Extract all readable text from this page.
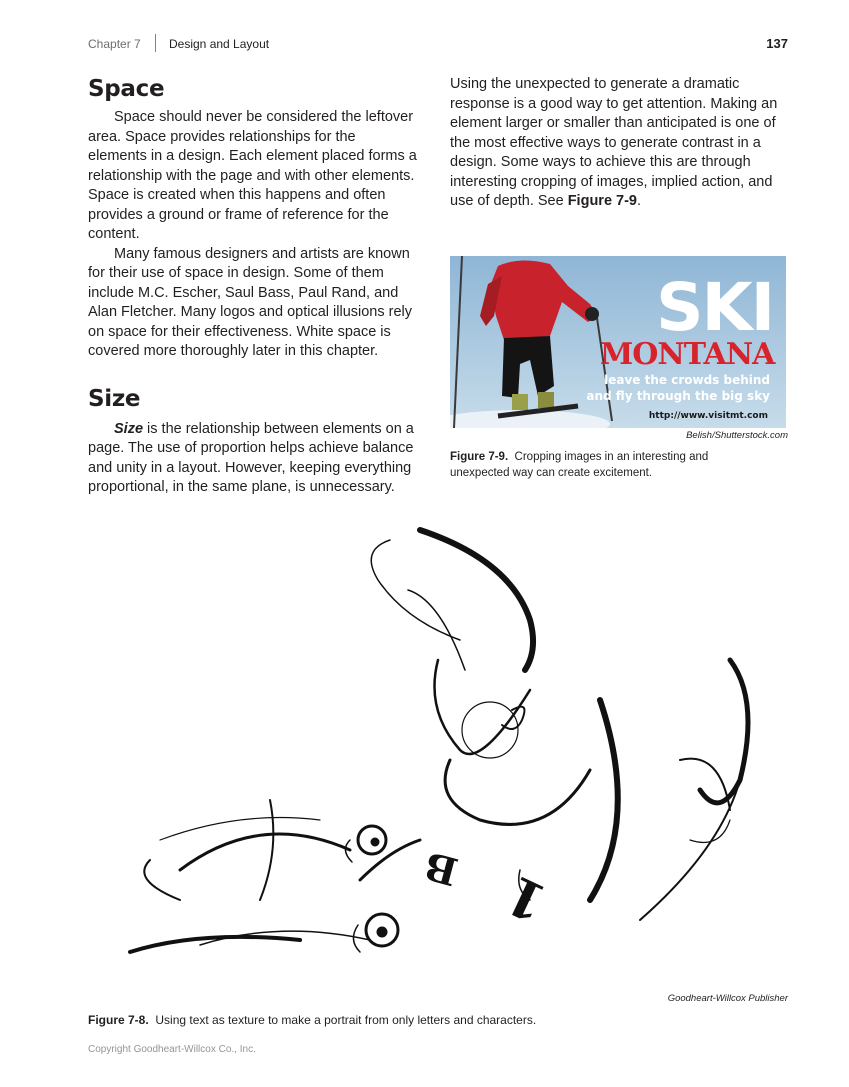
Chapter 7 Design and Layout	137
Space

Space should never be considered the leftover area. Space provides relationships for the elements in a design. Each element placed forms a relationship with the page and with other elements. Space is created when this happens and often provides a ground or frame of reference for the content.

Many famous designers and artists are known for their use of space in design. Some of them include M.C. Escher, Saul Bass, Paul Rand, and Alan Fletcher. Many logos and optical illusions rely on space for their effectiveness. White space is covered more thoroughly later in this chapter.

Size

Size is the relationship between elements on a page. The use of proportion helps achieve balance and unity in a layout. However, keeping everything proportional, in the same plane, is unnecessary.

Using the unexpected to generate a dramatic response is a good way to get attention. Making an element larger or smaller than anticipated is one of the most effective ways to generate contrast in a design. Some ways to achieve this are through interesting cropping of images, implied action, and use of depth. See Figure 7-9.

SKI
MONTANA
leave the crowds behind
and fly through the big sky
http://www.visitmt.com
Belish/Shutterstock.com
Figure 7-9. Cropping images in an interesting and unexpected way can create excitement.
B 1
Goodheart-Willcox Publisher
Figure 7-8. Using text as texture to make a portrait from only letters and characters.
Copyright Goodheart-Willcox Co., Inc.
